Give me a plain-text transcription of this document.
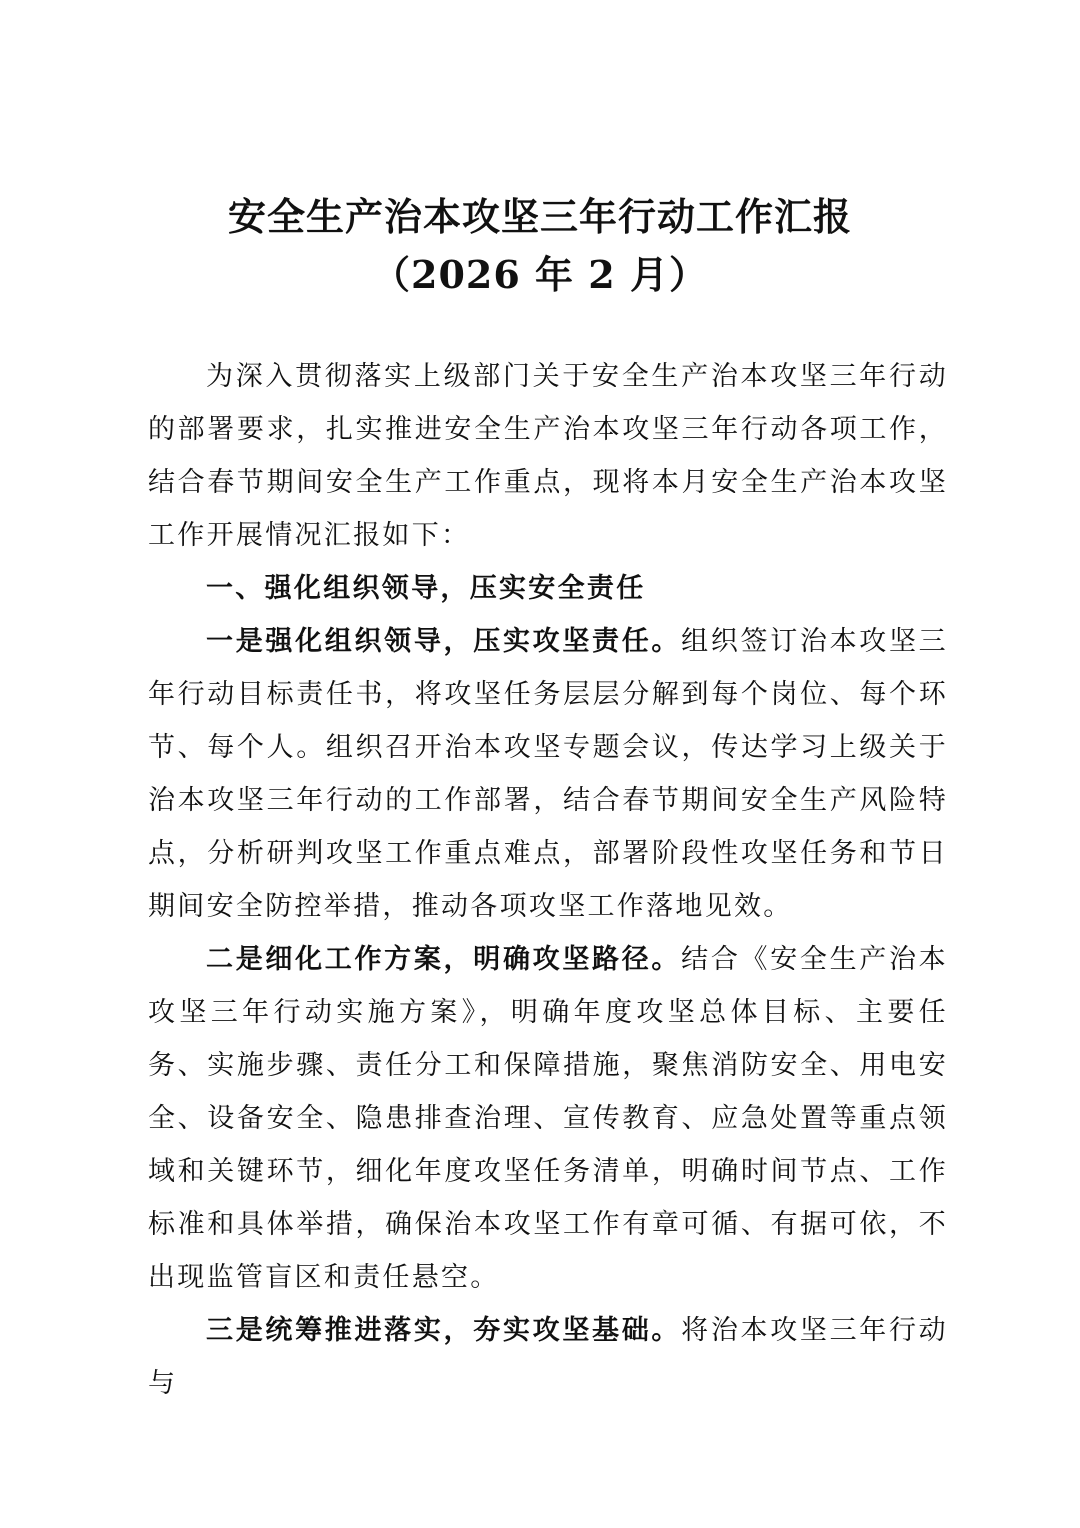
安全生产治本攻坚三年行动工作汇报
（2026 年 2 月）

为深入贯彻落实上级部门关于安全生产治本攻坚三年行动的部署要求，扎实推进安全生产治本攻坚三年行动各项工作，结合春节期间安全生产工作重点，现将本月安全生产治本攻坚工作开展情况汇报如下：

一、强化组织领导，压实安全责任

一是强化组织领导，压实攻坚责任。组织签订治本攻坚三年行动目标责任书，将攻坚任务层层分解到每个岗位、每个环节、每个人。组织召开治本攻坚专题会议，传达学习上级关于治本攻坚三年行动的工作部署，结合春节期间安全生产风险特点，分析研判攻坚工作重点难点，部署阶段性攻坚任务和节日期间安全防控举措，推动各项攻坚工作落地见效。

二是细化工作方案，明确攻坚路径。结合《安全生产治本攻坚三年行动实施方案》，明确年度攻坚总体目标、主要任务、实施步骤、责任分工和保障措施，聚焦消防安全、用电安全、设备安全、隐患排查治理、宣传教育、应急处置等重点领域和关键环节，细化年度攻坚任务清单，明确时间节点、工作标准和具体举措，确保治本攻坚工作有章可循、有据可依，不出现监管盲区和责任悬空。

三是统筹推进落实，夯实攻坚基础。将治本攻坚三年行动与
